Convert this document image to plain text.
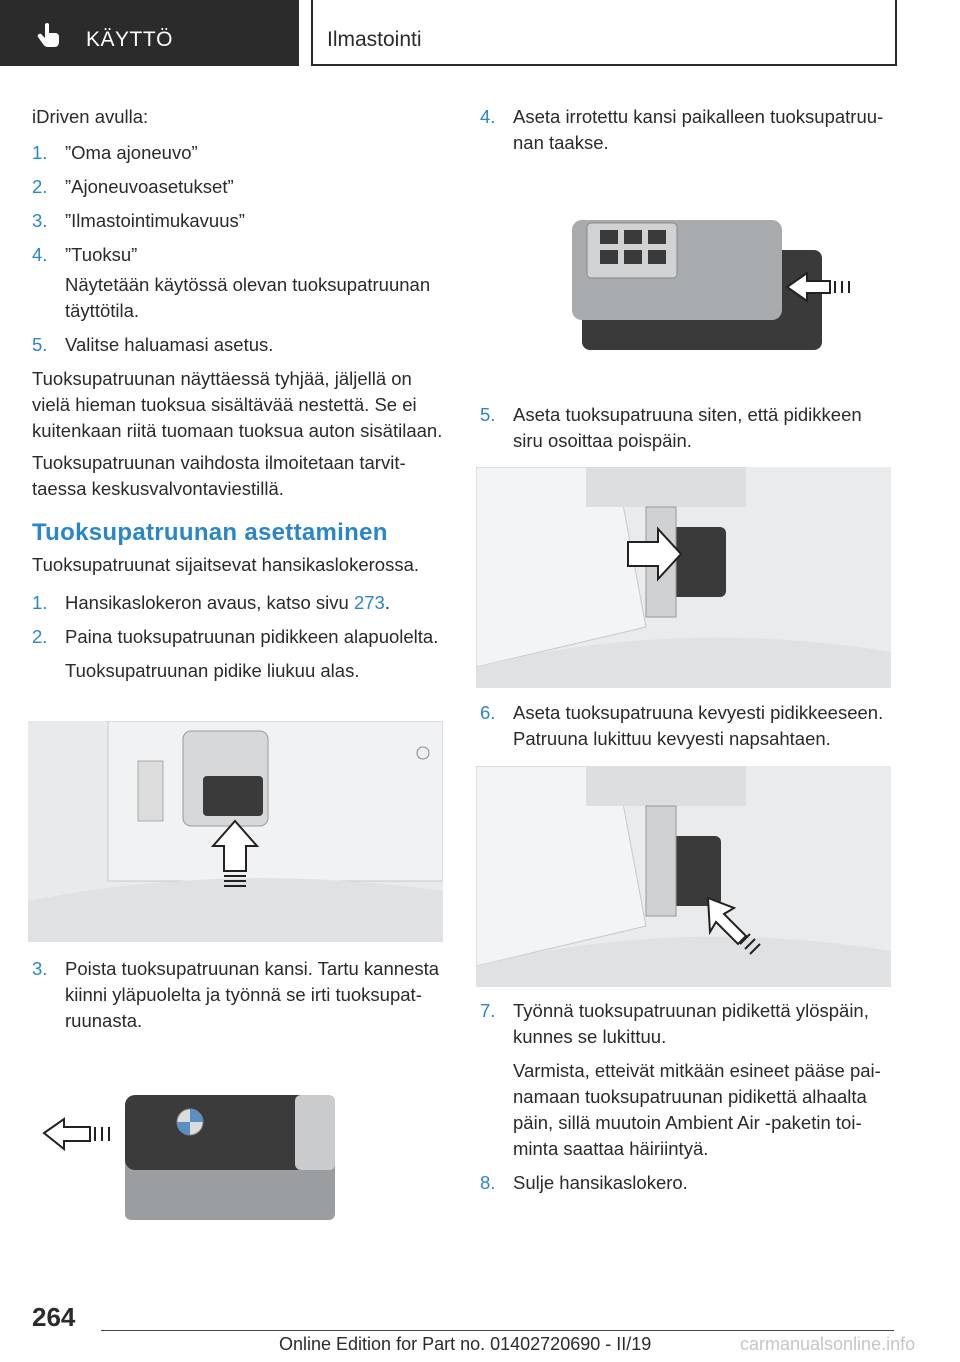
KÄYTTÖ	Ilmastointi

iDriven avulla:

1. ”Oma ajoneuvo”
2. ”Ajoneuvoasetukset”
3. ”Ilmastointimukavuus”
4. ”Tuoksu”
Näytetään käytössä olevan tuoksupatruunan täyttötila.
5. Valitse haluamasi asetus.

Tuoksupatruunan näyttäessä tyhjää, jäljellä on vielä hieman tuoksua sisältävää nestettä. Se ei kuitenkaan riitä tuomaan tuoksua auton sisätilaan.

Tuoksupatruunan vaihdosta ilmoitetaan tarvittaessa keskusvalvontaviestillä.

Tuoksupatruunan asettaminen

Tuoksupatruunat sijaitsevat hansikaslokerossa.

1. Hansikaslokeron avaus, katso sivu 273.
2. Paina tuoksupatruunan pidikkeen alapuolelta.
Tuoksupatruunan pidike liukuu alas.
3. Poista tuoksupatruunan kansi. Tartu kannesta kiinni yläpuolelta ja työnnä se irti tuoksupatruunasta.
4. Aseta irrotettu kansi paikalleen tuoksupatruunan taakse.
5. Aseta tuoksupatruuna siten, että pidikkeen siru osoittaa poispäin.
6. Aseta tuoksupatruuna kevyesti pidikkeeseen. Patruuna lukittuu kevyesti napsahtaen.
7. Työnnä tuoksupatruunan pidikettä ylöspäin, kunnes se lukittuu.
Varmista, etteivät mitkään esineet pääse painamaan tuoksupatruunan pidikettä alhaalta päin, sillä muutoin Ambient Air -paketin toiminta saattaa häiriintyä.
8. Sulje hansikaslokero.
264
Online Edition for Part no. 01402720690 - II/19	carmanualsonline.info
